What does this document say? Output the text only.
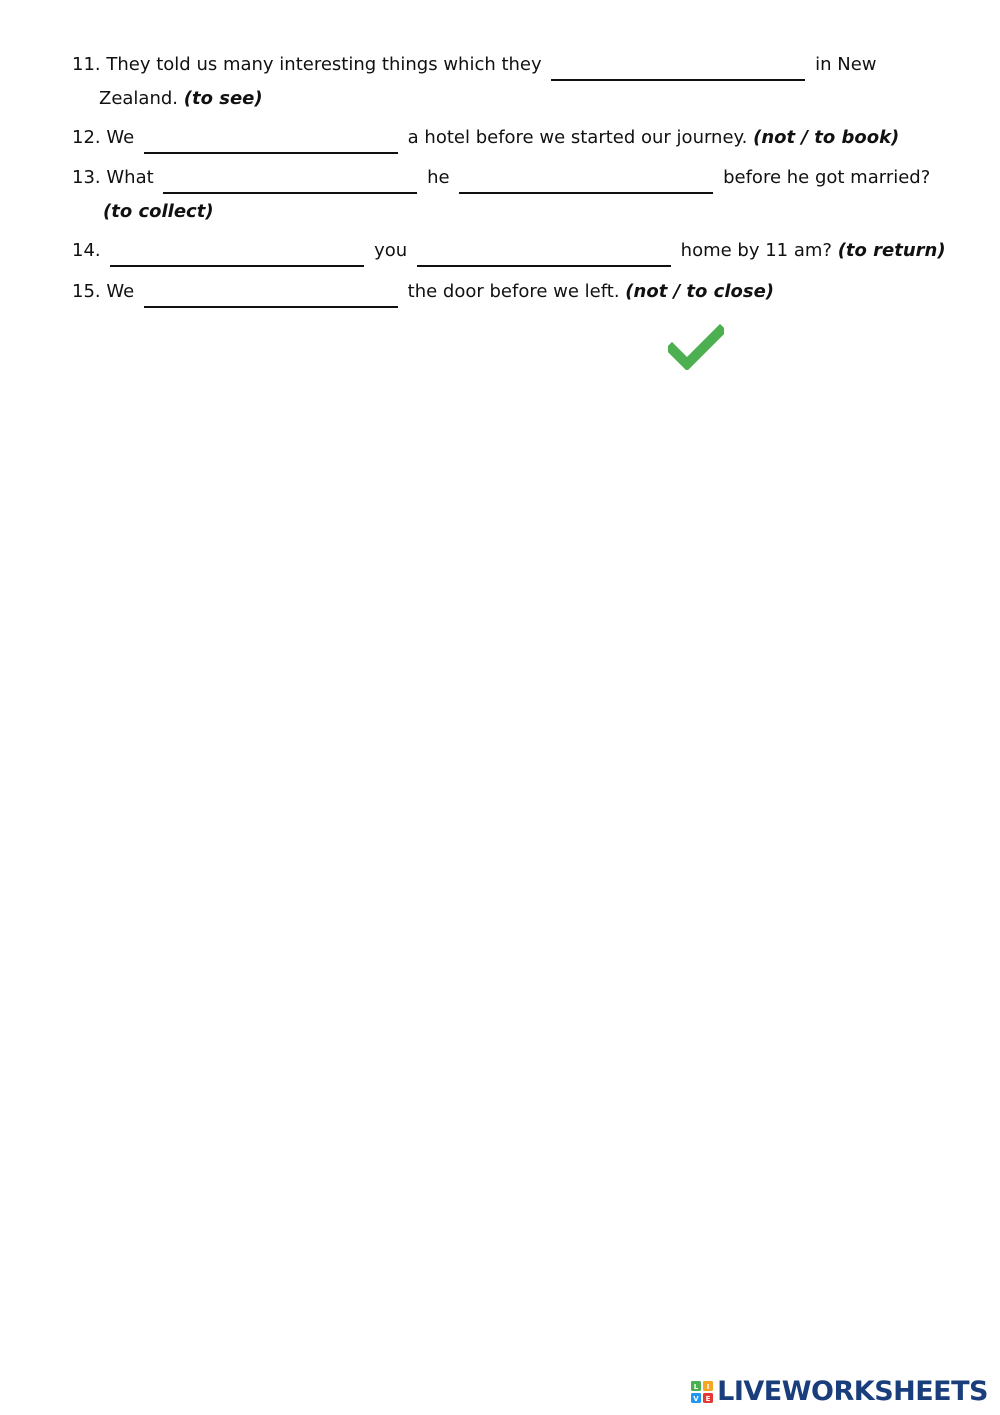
11. They told us many interesting things which they	in New
Zealand. (to see)
12. We	a hotel before we started our journey. (not / to book)
13. What	he	before he got married?
(to collect)
14.	you	home by 11 am? (to return)
15. We	the door before we left. (not / to close)
L I
V E LIVEWORKSHEETS
